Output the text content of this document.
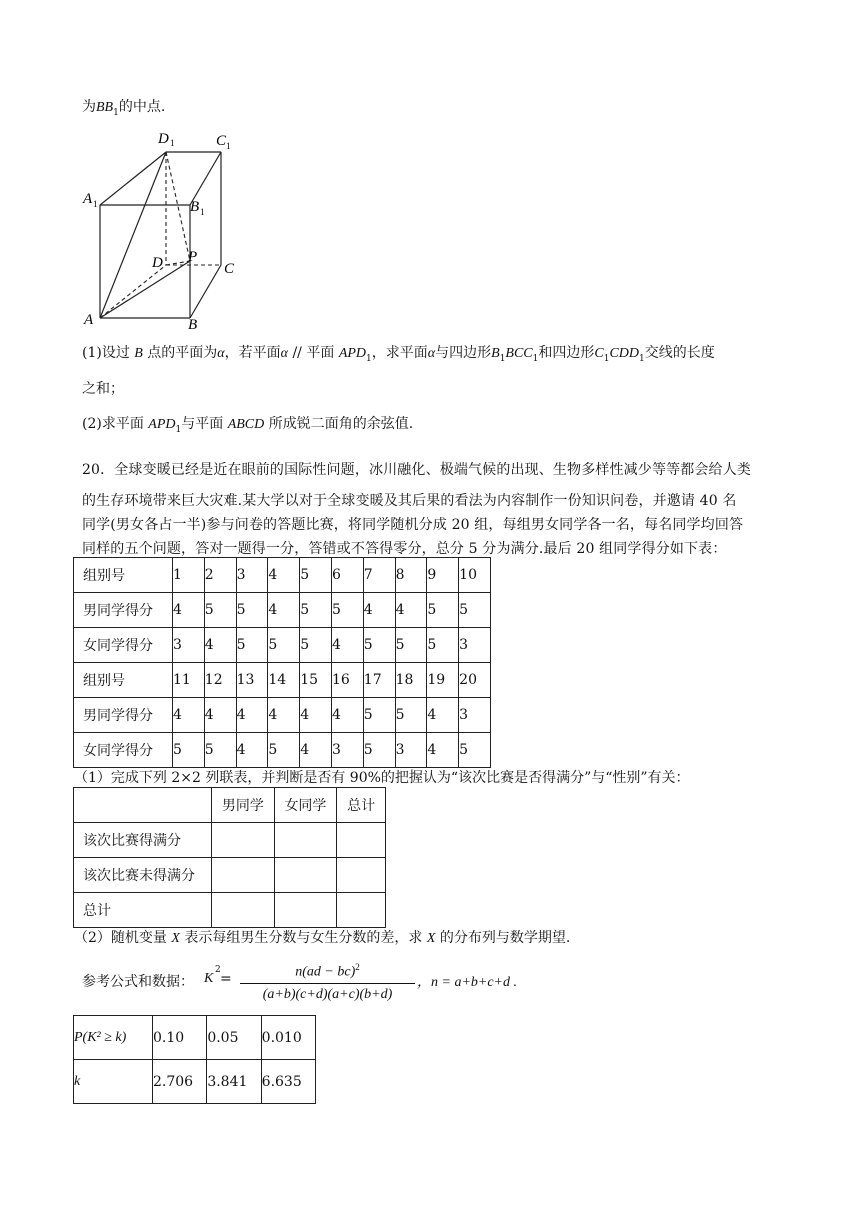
为$BB_1$的中点.
D 1	C 1
A 1	B 1
D P
C
A	B
(1)设过 B 点的平面为α，若平面α // 平面 $APD_1$，求平面α与四边形$B_1BCC_1$和四边形$C_1CDD_1$交线的长度
之和；
(2)求平面 $APD_1$与平面 ABCD 所成锐二面角的余弦值.
20．全球变暖已经是近在眼前的国际性问题，冰川融化、极端气候的出现、生物多样性减少等等都会给人类
的生存环境带来巨大灾难.某大学以对于全球变暖及其后果的看法为内容制作一份知识问卷，并邀请 40 名
同学(男女各占一半)参与问卷的答题比赛，将同学随机分成 20 组，每组男女同学各一名，每名同学均回答
同样的五个问题，答对一题得一分，答错或不答得零分，总分 5 分为满分.最后 20 组同学得分如下表：
组别号	1	2	3	4	5	6	7	8	9	10
男同学得分	4	5	5	4	5	5	4	4	5	5
女同学得分	3	4	5	5	5	4	5	5	5	3
组别号	11	12	13	14	15	16	17	18	19	20
男同学得分	4	4	4	4	4	4	5	5	4	3
女同学得分	5	5	4	5	4	3	5	3	4	5
（1）完成下列 2×2 列联表，并判断是否有 90%的把握认为“该次比赛是否得满分”与“性别”有关：
	男同学	女同学	总计
该次比赛得满分			
该次比赛未得满分			
总计			
（2）随机变量 X 表示每组男生分数与女生分数的差，求 X 的分布列与数学期望.
参考公式和数据： K
2
=	n(ad − bc)$^2$
(a+b)(c+d)(a+c)(b+d)
，n = a+b+c+d .
P(K² ≥ k)	0.10	0.05	0.010
k	2.706	3.841	6.635
